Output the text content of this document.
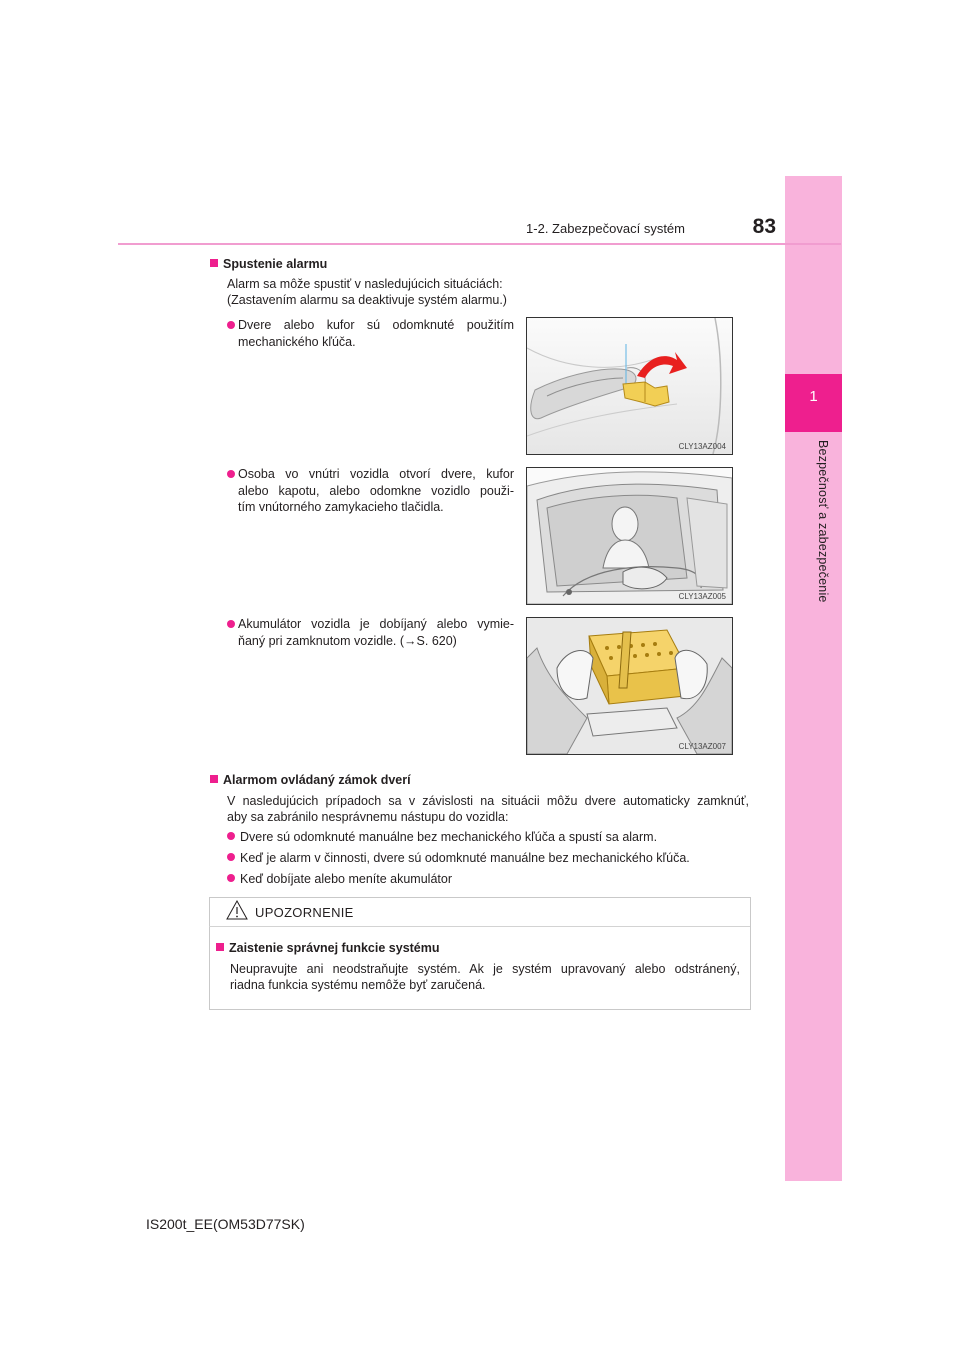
1
Bezpečnosť a zabezpečenie
1-2. Zabezpečovací systém	83
Spustenie alarmu
Alarm sa môže spustiť v nasledujúcich situáciách:
(Zastavením alarmu sa deaktivuje systém alarmu.)
Dvere alebo kufor sú odomknuté použitím
mechanického kľúča.
CLY13AZ004
Osoba vo vnútri vozidla otvorí dvere, kufor
alebo kapotu, alebo odomkne vozidlo použi-
tím vnútorného zamykacieho tlačidla.
CLY13AZ005
Akumulátor vozidla je dobíjaný alebo vymie-
ňaný pri zamknutom vozidle. (→S. 620)
CLY13AZ007
Alarmom ovládaný zámok dverí
V nasledujúcich prípadoch sa v závislosti na situácii môžu dvere automaticky zamknúť,
aby sa zabránilo nesprávnemu nástupu do vozidla:
Dvere sú odomknuté manuálne bez mechanického kľúča a spustí sa alarm.
Keď je alarm v činnosti, dvere sú odomknuté manuálne bez mechanického kľúča.
Keď dobíjate alebo meníte akumulátor
UPOZORNENIE
Zaistenie správnej funkcie systému
Neupravujte ani neodstraňujte systém. Ak je systém upravovaný alebo odstránený,
riadna funkcia systému nemôže byť zaručená.
IS200t_EE(OM53D77SK)
